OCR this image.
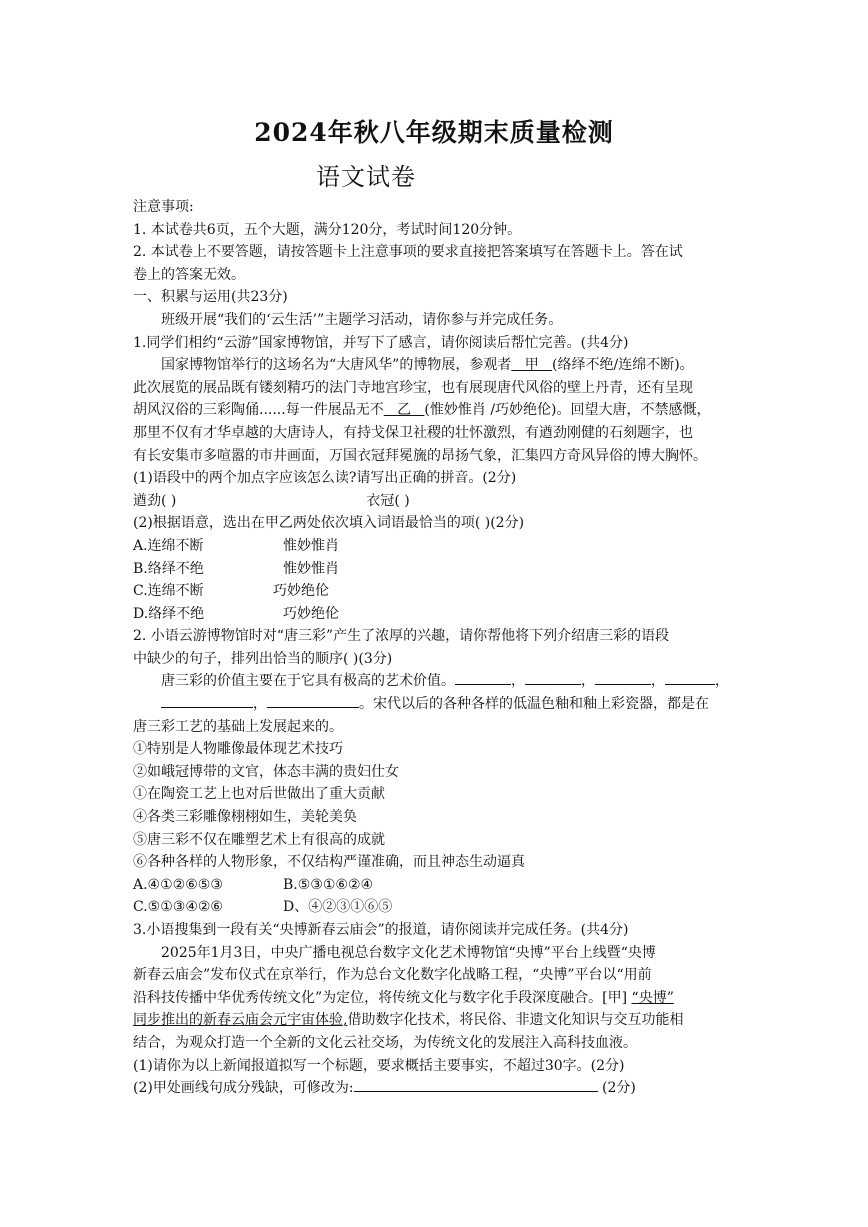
2024年秋八年级期末质量检测
语文试卷

注意事项:

1. 本试卷共6页，五个大题，满分120分，考试时间120分钟。

2. 本试卷上不要答题，请按答题卡上注意事项的要求直接把答案填写在答题卡上。答在试

卷上的答案无效。

一、积累与运用(共23分)

班级开展“我们的‘云生活’”主题学习活动，请你参与并完成任务。

1.同学们相约“云游”国家博物馆，并写下了感言，请你阅读后帮忙完善。(共4分)

国家博物馆举行的这场名为“大唐风华”的博物展，参观者 甲 (络绎不绝/连绵不断)。

此次展览的展品既有镂刻精巧的法门寺地宫珍宝，也有展现唐代风俗的壁上丹青，还有呈现

胡风汉俗的三彩陶俑......每一件展品无不 乙 (惟妙惟肖 /巧妙绝伦)。回望大唐，不禁感慨，

那里不仅有才华卓越的大唐诗人，有持戈保卫社稷的壮怀激烈，有遒劲刚健的石刻题字，也

有长安集市多喧嚣的市井画面，万国衣冠拜冕旒的昂扬气象，汇集四方奇风异俗的博大胸怀。

(1)语段中的两个加点字应该怎么读?请写出正确的拼音。(2分)

遒劲( )	衣冠( )

(2)根据语意，选出在甲乙两处依次填入词语最恰当的项( )(2分)

A.连绵不断	惟妙惟肖
B.络绎不绝	惟妙惟肖
C.连绵不断	巧妙绝伦
D.络绎不绝	巧妙绝伦

2. 小语云游博物馆时对“唐三彩”产生了浓厚的兴趣，请你帮他将下列介绍唐三彩的语段

中缺少的句子，排列出恰当的顺序( )(3分)

唐三彩的价值主要在于它具有极高的艺术价值。	，	，	，	，

，	。宋代以后的各种各样的低温色釉和釉上彩瓷器，都是在

唐三彩工艺的基础上发展起来的。

①特别是人物雕像最体现艺术技巧

②如峨冠博带的文官，体态丰满的贵妇仕女

①在陶瓷工艺上也对后世做出了重大贡献

④各类三彩雕像栩栩如生，美轮美奂

⑤唐三彩不仅在雕塑艺术上有很高的成就

⑥各种各样的人物形象，不仅结构严谨准确，而且神态生动逼真

A.④①②⑥⑤③	B.⑤③①⑥②④
C.⑤①③④②⑥	D、④②③①⑥⑤

3.小语搜集到一段有关“央博新春云庙会”的报道，请你阅读并完成任务。(共4分)

2025年1月3日，中央广播电视总台数字文化艺术博物馆“央博”平台上线暨“央博

新春云庙会”发布仪式在京举行，作为总台文化数字化战略工程，“央博”平台以“用前

沿科技传播中华优秀传统文化”为定位，将传统文化与数字化手段深度融合。[甲] “央博”

同步推出的新春云庙会元宇宙体验,借助数字化技术，将民俗、非遗文化知识与交互功能相

结合，为观众打造一个全新的文化云社交场，为传统文化的发展注入高科技血液。

(1)请你为以上新闻报道拟写一个标题，要求概括主要事实，不超过30字。(2分)

(2)甲处画线句成分残缺，可修改为:	(2分)
